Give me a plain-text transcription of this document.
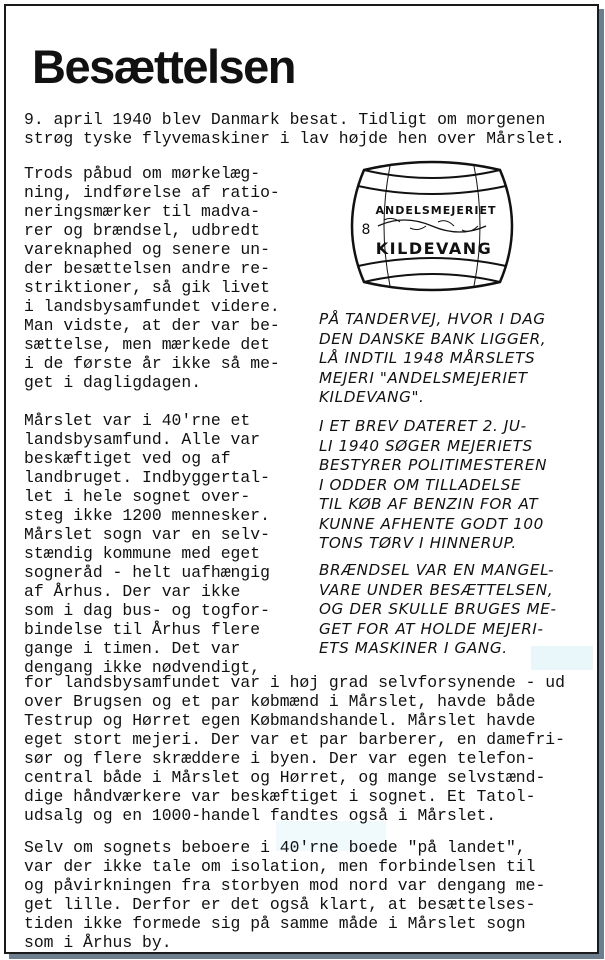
Besættelsen

9. april 1940 blev Danmark besat. Tidligt om morgenen
strøg tyske flyvemaskiner i lav højde hen over Mårslet.

Trods påbud om mørkelæg-
ning, indførelse af ratio-
neringsmærker til madva-
rer og brændsel, udbredt
vareknaphed og senere un-
der besættelsen andre re-
striktioner, så gik livet
i landsbysamfundet videre.
Man vidste, at der var be-
sættelse, men mærkede det
i de første år ikke så me-
get i dagligdagen.

Mårslet var i 40'rne et
landsbysamfund. Alle var
beskæftiget ved og af
landbruget. Indbyggertal-
let i hele sognet over-
steg ikke 1200 mennesker.
Mårslet sogn var en selv-
stændig kommune med eget
sogneråd - helt uafhængig
af Århus. Der var ikke
som i dag bus- og togfor-
bindelse til Århus flere
gange i timen. Det var
dengang ikke nødvendigt,

ANDELSMEJERIET
KILDEVANG
8

PÅ TANDERVEJ, HVOR I DAG
DEN DANSKE BANK LIGGER,
LÅ INDTIL 1948 MÅRSLETS
MEJERI "ANDELSMEJERIET
KILDEVANG".

I ET BREV DATERET 2. JU-
LI 1940 SØGER MEJERIETS
BESTYRER POLITIMESTEREN
I ODDER OM TILLADELSE
TIL KØB AF BENZIN FOR AT
KUNNE AFHENTE GODT 100
TONS TØRV I HINNERUP.

BRÆNDSEL VAR EN MANGEL-
VARE UNDER BESÆTTELSEN,
OG DER SKULLE BRUGES ME-
GET FOR AT HOLDE MEJERI-
ETS MASKINER I GANG.

for landsbysamfundet var i høj grad selvforsynende - ud
over Brugsen og et par købmænd i Mårslet, havde både
Testrup og Hørret egen Købmandshandel. Mårslet havde
eget stort mejeri. Der var et par barberer, en damefri-
sør og flere skræddere i byen. Der var egen telefon-
central både i Mårslet og Hørret, og mange selvstænd-
dige håndværkere var beskæftiget i sognet. Et Tatol-
udsalg og en 1000-handel fandtes også i Mårslet.

Selv om sognets beboere i 40'rne boede "på landet",
var der ikke tale om isolation, men forbindelsen til
og påvirkningen fra storbyen mod nord var dengang me-
get lille. Derfor er det også klart, at besættelses-
tiden ikke formede sig på samme måde i Mårslet sogn
som i Århus by.
